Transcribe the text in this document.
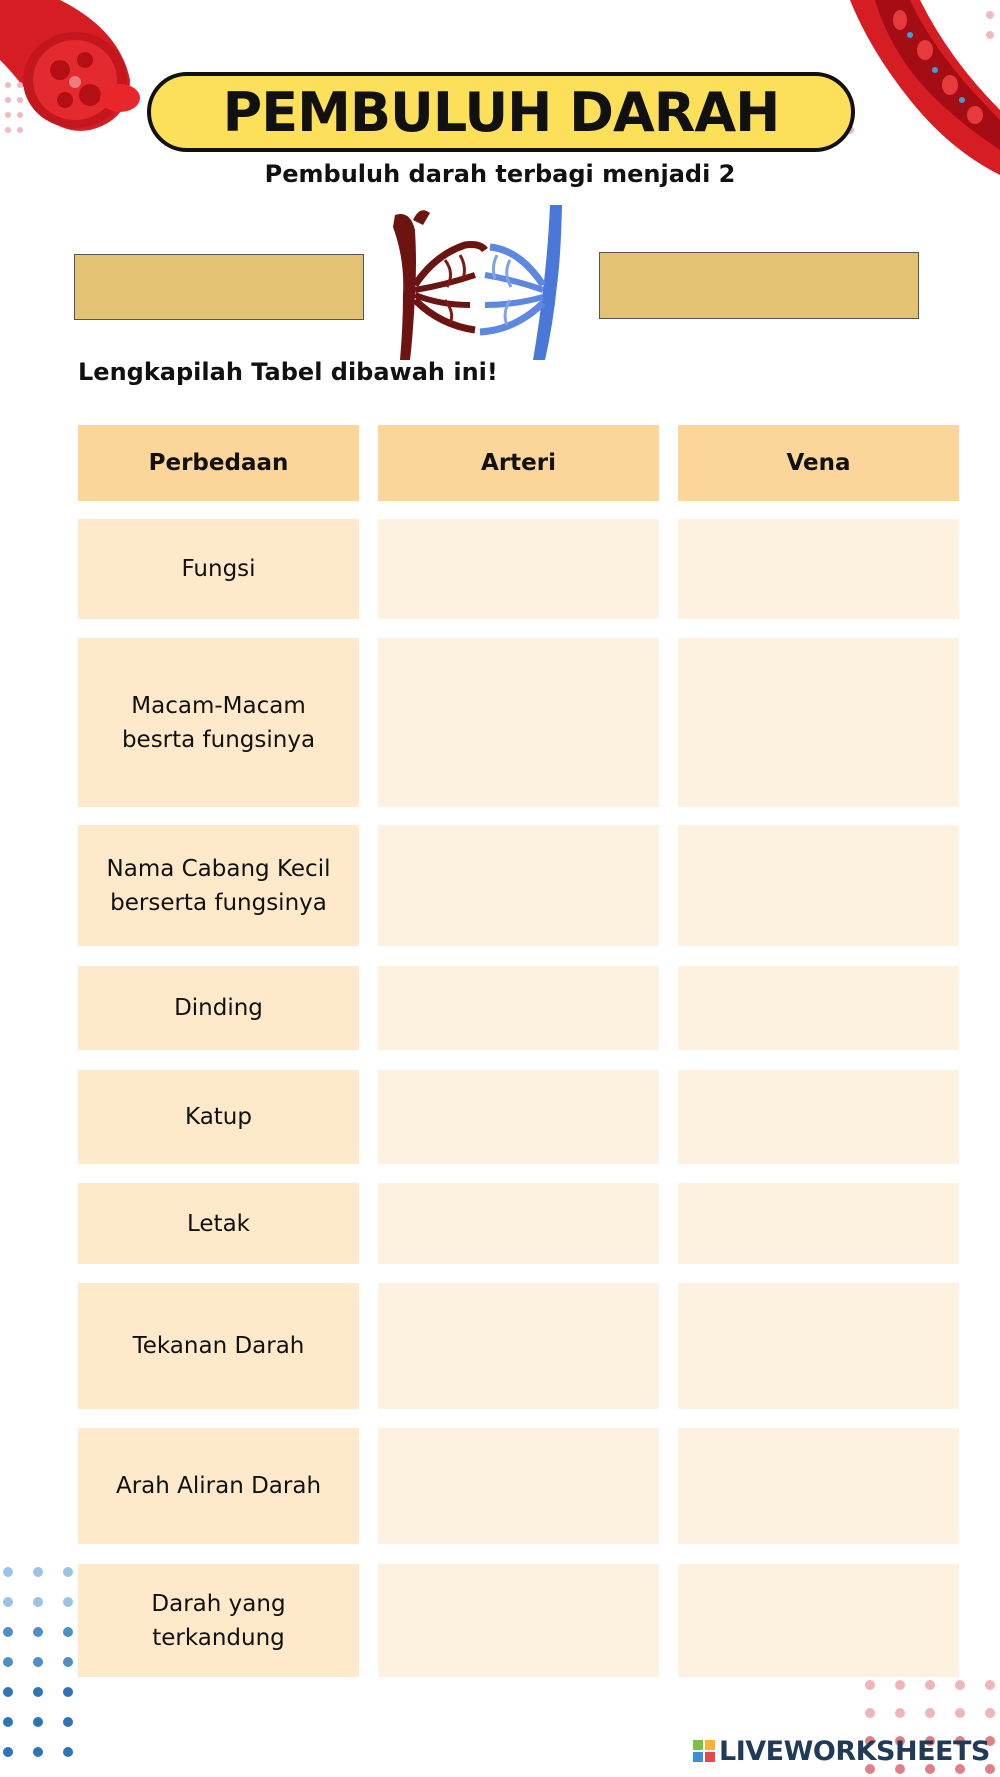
PEMBULUH DARAH
Pembuluh darah terbagi menjadi 2
Lengkapilah Tabel dibawah ini!
Perbedaan	Arteri	Vena
Fungsi
Macam-Macam besrta fungsinya
Nama Cabang Kecil berserta fungsinya
Dinding
Katup
Letak
Tekanan Darah
Arah Aliran Darah
Darah yang terkandung
LIVEWORKSHEETS
